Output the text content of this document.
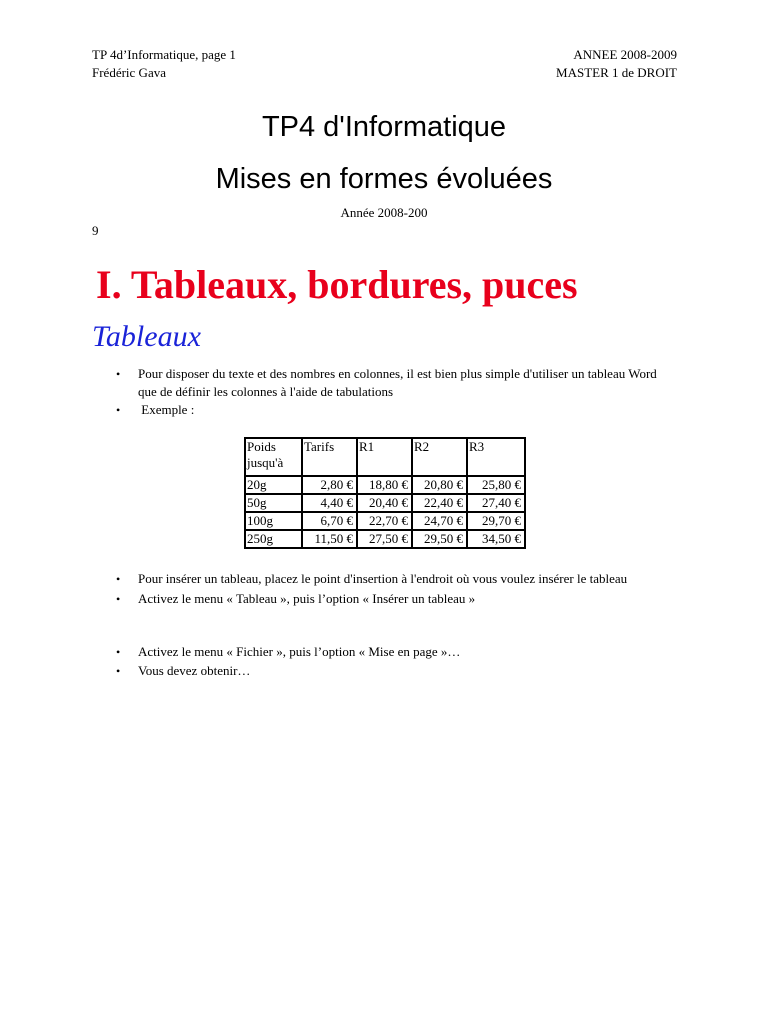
TP 4d’Informatique, page 1
Frédéric Gava
ANNEE 2008-2009
MASTER 1 de DROIT
TP4 d'Informatique
Mises en formes évoluées
Année 2008-200
9
I. Tableaux, bordures, puces
Tableaux
• Pour disposer du texte et des nombres en colonnes, il est bien plus simple d'utiliser un tableau Word que de définir les colonnes à l'aide de tabulations
• Exemple :
Poids jusqu'à	Tarifs	R1	R2	R3
20g	2,80 €	18,80 €	20,80 €	25,80 €
50g	4,40 €	20,40 €	22,40 €	27,40 €
100g	6,70 €	22,70 €	24,70 €	29,70 €
250g	11,50 €	27,50 €	29,50 €	34,50 €
• Pour insérer un tableau, placez le point d'insertion à l'endroit où vous voulez insérer le tableau
• Activez le menu « Tableau », puis l’option « Insérer un tableau »
• Activez le menu « Fichier », puis l’option « Mise en page »…
• Vous devez obtenir…
